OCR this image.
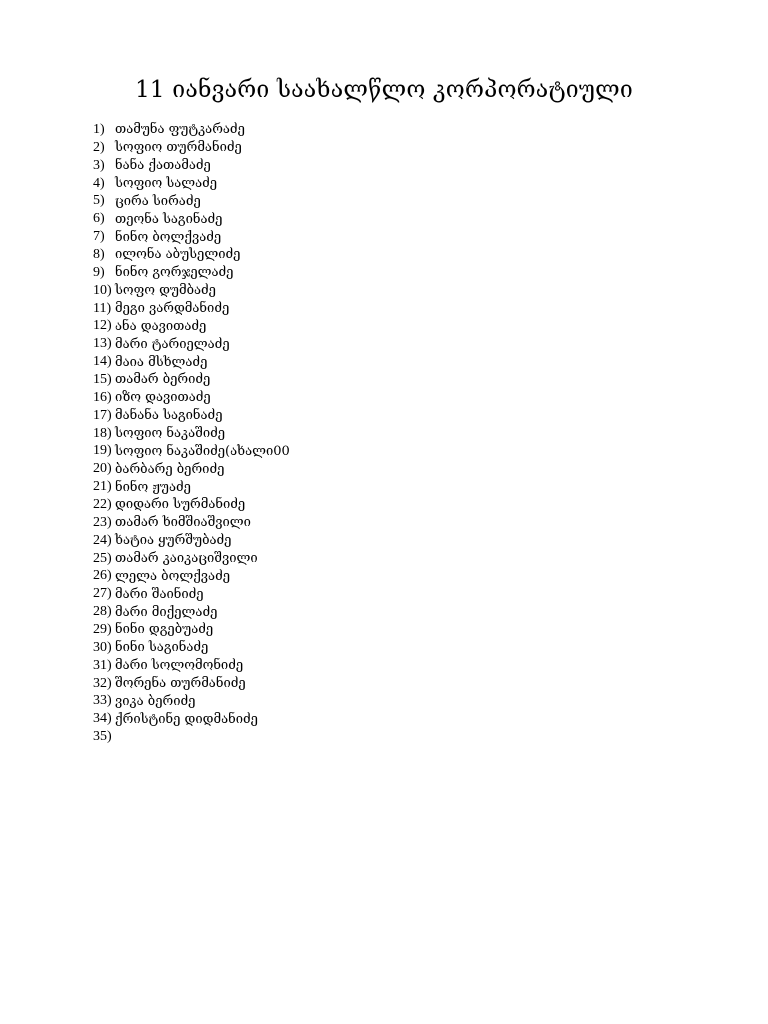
11 იანვარი საახალწლო კორპორატიული
1) თამუნა ფუტკარაძე
2) სოფიო თურმანიძე
3) ნანა ქათამაძე
4) სოფიო სალაძე
5) ცირა სირაძე
6) თეონა საგინაძე
7) ნინო ბოლქვაძე
8) ილონა აბუსელიძე
9) ნინო გორჯელაძე
10) სოფო დუმბაძე
11) მეგი ვარდმანიძე
12) ანა დავითაძე
13) მარი ტარიელაძე
14) მაია მსხლაძე
15) თამარ ბერიძე
16) იზო დავითაძე
17) მანანა საგინაძე
18) სოფიო ნაკაშიძე
19) სოფიო ნაკაშიძე(ახალი00
20) ბარბარე ბერიძე
21) ნინო ჟუაძე
22) დიდარი სურმანიძე
23) თამარ ხიმშიაშვილი
24) ხატია ყურშუბაძე
25) თამარ კაიკაციშვილი
26) ლელა ბოლქვაძე
27) მარი შაინიძე
28) მარი მიქელაძე
29) ნინი დგებუაძე
30) ნინი საგინაძე
31) მარი სოლომონიძე
32) შორენა თურმანიძე
33) ვიკა ბერიძე
34) ქრისტინე დიდმანიძე
35)
